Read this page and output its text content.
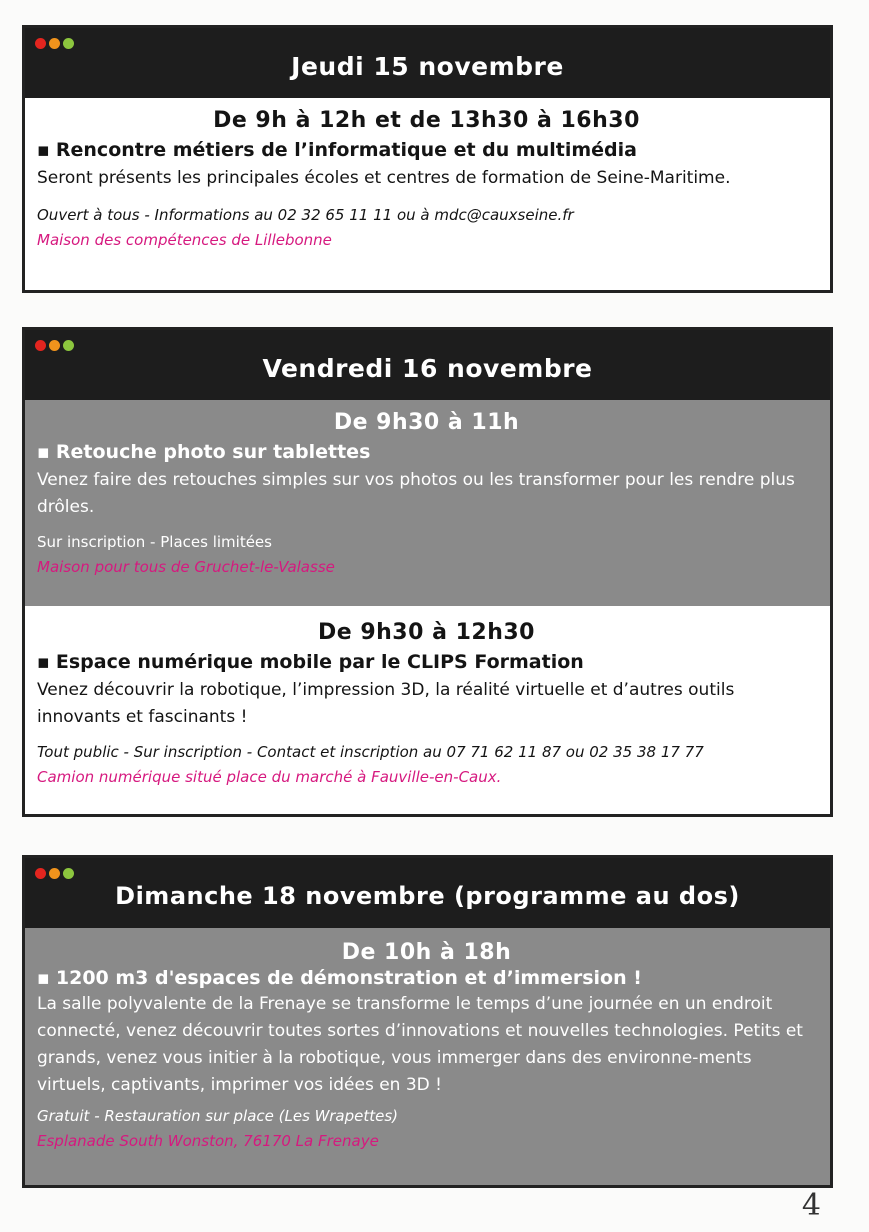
Jeudi 15 novembre
De 9h à 12h et de 13h30 à 16h30
▪ Rencontre métiers de l’informatique et du multimédia
Seront présents les principales écoles et centres de formation de Seine-Maritime.
Ouvert à tous - Informations au 02 32 65 11 11 ou à mdc@cauxseine.fr
Maison des compétences de Lillebonne
Vendredi 16 novembre
De 9h30 à 11h
▪ Retouche photo sur tablettes
Venez faire des retouches simples sur vos photos ou les transformer pour les rendre plus drôles.
Sur inscription - Places limitées
Maison pour tous de Gruchet-le-Valasse
De 9h30 à 12h30
▪ Espace numérique mobile par le CLIPS Formation
Venez découvrir la robotique, l’impression 3D, la réalité virtuelle et d’autres outils innovants et fascinants !
Tout public - Sur inscription - Contact et inscription au 07 71 62 11 87 ou 02 35 38 17 77
Camion numérique situé place du marché à Fauville-en-Caux.
Dimanche 18 novembre (programme au dos)
De 10h à 18h
▪ 1200 m3 d'espaces de démonstration et d’immersion !
La salle polyvalente de la Frenaye se transforme le temps d’une journée en un endroit connecté, venez découvrir toutes sortes d’innovations et nouvelles technologies. Petits et grands, venez vous initier à la robotique, vous immerger dans des environne-ments virtuels, captivants, imprimer vos idées en 3D !
Gratuit - Restauration sur place (Les Wrapettes)
Esplanade South Wonston, 76170 La Frenaye
4
